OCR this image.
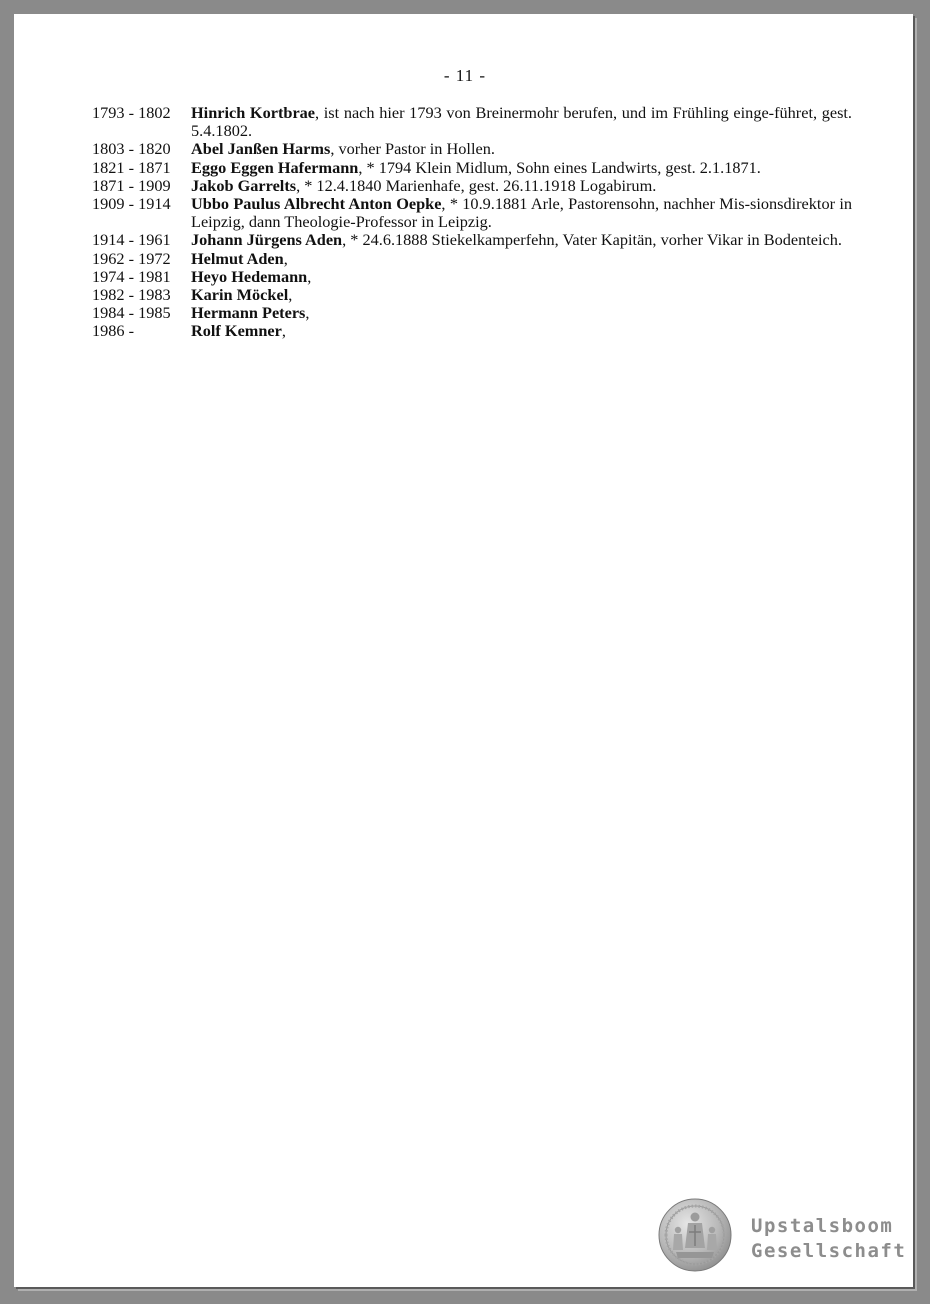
- 11 -
1793 - 1802	Hinrich Kortbrae, ist nach hier 1793 von Breinermohr berufen, und im Frühling einge-führet, gest. 5.4.1802.
1803 - 1820	Abel Janßen Harms, vorher Pastor in Hollen.
1821 - 1871	Eggo Eggen Hafermann, * 1794 Klein Midlum, Sohn eines Landwirts, gest. 2.1.1871.
1871 - 1909	Jakob Garrelts, * 12.4.1840 Marienhafe, gest. 26.11.1918 Logabirum.
1909 - 1914	Ubbo Paulus Albrecht Anton Oepke, * 10.9.1881 Arle, Pastorensohn, nachher Mis-sionsdirektor in Leipzig, dann Theologie-Professor in Leipzig.
1914 - 1961	Johann Jürgens Aden, * 24.6.1888 Stiekelkamperfehn, Vater Kapitän, vorher Vikar in Bodenteich.
1962 - 1972	Helmut Aden,
1974 - 1981	Heyo Hedemann,
1982 - 1983	Karin Möckel,
1984 - 1985	Hermann Peters,
1986 -	Rolf Kemner,
Upstalsboom
Gesellschaft
